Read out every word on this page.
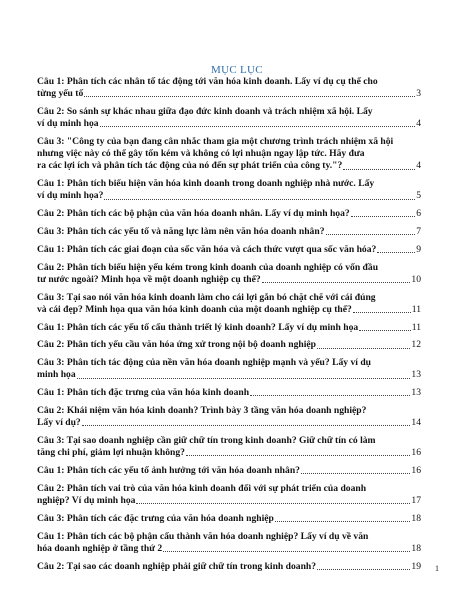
MỤC LỤC
Câu 1: Phân tích các nhân tố tác động tới văn hóa kinh doanh. Lấy ví dụ cụ thể cho
từng yếu tố	3
Câu 2: So sánh sự khác nhau giữa đạo đức kinh doanh và trách nhiệm xã hội. Lấy
ví dụ minh họa	4
Câu 3: "Công ty của bạn đang cân nhắc tham gia một chương trình trách nhiệm xã hội nhưng việc này có thể gây tốn kém và không có lợi nhuận ngay lập tức. Hãy đưa
ra các lợi ích và phân tích tác động của nó đến sự phát triển của công ty."?	4
Câu 1: Phân tích biểu hiện văn hóa kinh doanh trong doanh nghiệp nhà nước. Lấy
ví dụ minh họa?	5
Câu 2: Phân tích các bộ phận của văn hóa doanh nhân. Lấy ví dụ minh họa?	6
Câu 3: Phân tích các yếu tố và năng lực làm nên văn hóa doanh nhân?	7
Câu 1: Phân tích các giai đoạn của sốc văn hóa và cách thức vượt qua sốc văn hóa?	9
Câu 2: Phân tích biểu hiện yếu kém trong kinh doanh của doanh nghiệp có vốn đầu
tư nước ngoài? Minh họa về một doanh nghiệp cụ thể?	10
Câu 3: Tại sao nói văn hóa kinh doanh làm cho cái lợi gắn bó chặt chẽ với cái đúng
và cái đẹp? Minh họa qua văn hóa kinh doanh của một doanh nghiệp cụ thể?	11
Câu 1: Phân tích các yếu tố cấu thành triết lý kinh doanh? Lấy ví dụ minh họa	11
Câu 2: Phân tích yếu cầu văn hóa ứng xử trong nội bộ doanh nghiệp	12
Câu 3: Phân tích tác động của nền văn hóa doanh nghiệp mạnh và yếu? Lấy ví dụ
minh họa	13
Câu 1: Phân tích đặc trưng của văn hóa kinh doanh	13
Câu 2: Khái niệm văn hóa kinh doanh? Trình bày 3 tầng văn hóa doanh nghiệp?
Lấy ví dụ?	14
Câu 3: Tại sao doanh nghiệp cần giữ chữ tín trong kinh doanh? Giữ chữ tín có làm
tăng chi phí, giảm lợi nhuận không?	16
Câu 1: Phân tích các yếu tố ảnh hưởng tới văn hóa doanh nhân?	16
Câu 2: Phân tích vai trò của văn hóa kinh doanh đối với sự phát triển của doanh
nghiệp? Ví dụ minh họa	17
Câu 3: Phân tích các đặc trưng của văn hóa doanh nghiệp	18
Câu 1: Phân tích các bộ phận cấu thành văn hóa doanh nghiệp? Lấy ví dụ về văn
hóa doanh nghiệp ở tầng thứ 2	18
Câu 2: Tại sao các doanh nghiệp phải giữ chữ tín trong kinh doanh?	19 1
